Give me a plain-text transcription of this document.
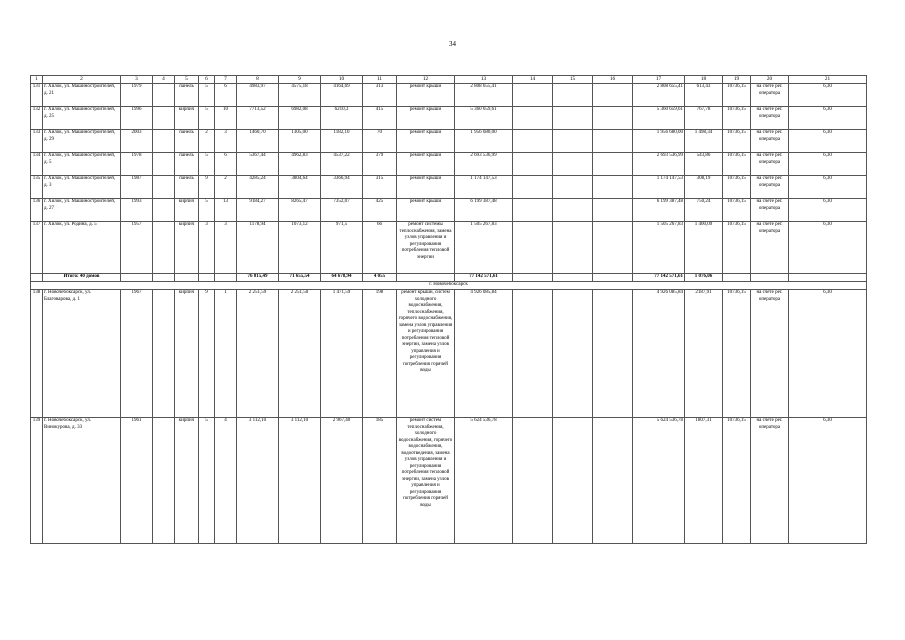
34
1	2	3	4	5	6	7	8	9	10	11	12	13	14	15	16	17	18	19	20	21
131	г. Хилок, ул. Машиностроителей, д. 21	1979		панель	5	6	4983,97	4575,18	4164,69	313	ремонт крыши	2 808 655,41				2 808 655,41	613,43	10736,15	на счете рег. оператора	6,30
132	г. Хилок, ул. Машиностроителей, д. 25	1996		кирпич	5	10	7713,52	6982,08	6210,3	415	ремонт крыши	5 360 659,61				5 360 659,61	767,78	10736,15	на счете рег. оператора	6,30
133	г. Хилок, ул. Машиностроителей, д. 29	2003		панель	2	3	1460,70	1305,00	1182,10	70	ремонт крыши	1 956 680,00				1 956 680,00	1 498,34	10736,15	на счете рег. оператора	6,30
134	г. Хилок, ул. Машиностроителей, д. 5	1978		панель	5	6	5367,44	4962,83	4537,22	379	ремонт крыши	2 693 536,99				2 693 536,99	543,86	10736,15	на счете рег. оператора	6,30
135	г. Хилок, ул. Машиностроителей, д. 3	1987		панель	9	2	4285,24	3804,64	3366,94	315	ремонт крыши	1 174 147,53				1 174 147,53	308,19	10736,15	на счете рег. оператора	6,30
136	г. Хилок, ул. Машиностроителей, д. 27	1993		кирпич	5	13	9184,27	8265,47	7352,07	425	ремонт крыши	6 199 387,48				6 199 387,48	750,24	10736,15	на счете рег. оператора	6,30
137	г. Хилок, ул. Родина, д. 5	1957		кирпич	3	3	1178,94	1073,12	971,5	66	ремонт системы теплоснабжения, замена узлов управления и регулирования потребления тепловой энергии	1 505 267,83				1 505 267,83	1 400,09	10736,15	на счете рег. оператора	6,30
	Итого: 40 домов						76 815,49	71 655,54	64 678,94	4 055		77 142 571,61				77 142 571,61	1 076,06			
г. Новочебоксарск																				
138	г. Новочебоксарск, ул. Благоварова, д. 1	1967		кирпич	9	1	2 251,59	2 251,50	1 471,59	198	ремонт крыши, систем холодного водоснабжения, теплоснабжения, горячего водоснабжения, замена узлов управления и регулирования потребления тепловой энергии, замена узлов управления и регулирования потребления горячей воды	4 926 085,84				4 926 085,84	2187,91	10736,15	на счете рег. оператора	6,30
139	г. Новочебоксарск, ул. Винокурова, д. 33	1961		кирпич	5	4	3 112,10	3 112,10	2 967,40	185	ремонт систем теплоснабжения, холодного водоснабжения, горячего водоснабжения, водоотведения, замена узлов управления и регулирования потребления тепловой энергии, замена узлов управления и регулирования потребления горячей воды	5 624 536,78				5 624 536,78	1807,31	10736,15	на счете рег. оператора	6,30
